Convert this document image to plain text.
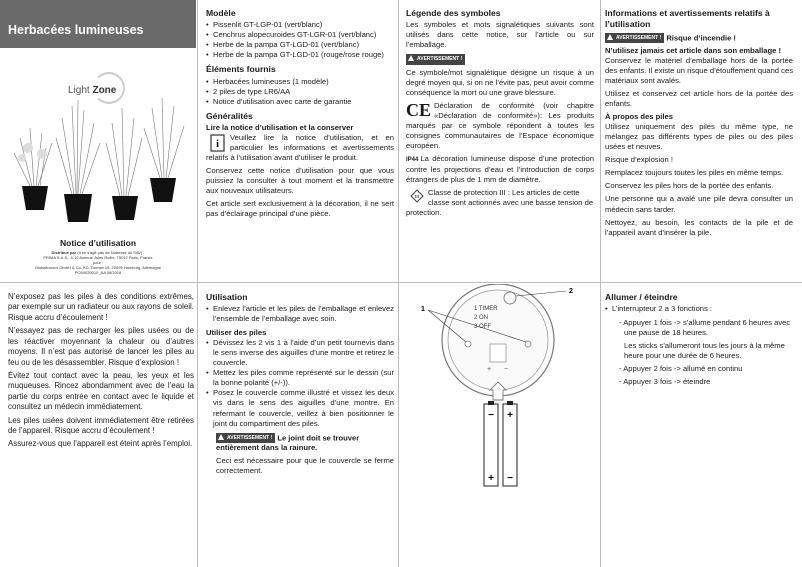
Herbacées lumineuses
Light Zone
Notice d’utilisation
Distribué par (Il en s'agit pas de l'adresse du SAV) :
PRIMA S.A.S., 4-10 Avenue Jules Rollin, 75012 Paris, France
pour :
Globaltronics GmbH & Co. KG, Domstr.19, 20095 Hamburg, Allemagne
PO50029010_AA 08/2018
Modèle
• Pissenlit GT-LGP-01 (vert/blanc)
• Cenchrus alopecuroides GT-LGR-01 (vert/blanc)
• Herbe de la pampa GT-LGD-01 (vert/blanc)
• Herbe de la pampa GT-LGD-01 (rouge/rose rouge)
Éléments fournis
• Herbacées lumineuses (1 modèle)
• 2 piles de type LR6/AA
• Notice d’utilisation avec carte de garantie
Généralités

Lire la notice d’utilisation et la conserver

i
Veuillez lire la notice d’utilisation, et en particulier les informations et avertissements relatifs à l’utilisation avant d’utiliser le produit.

Conservez cette notice d’utilisation pour que vous puissiez la consulter à tout moment et la transmettre aux nouveaux utilisateurs.

Cet article sert exclusivement à la décoration, il ne sert pas d’éclairage principal d’une pièce.

Légende des symboles

Les symboles et mots signalétiques suivants sont utilisés dans cette notice, sur l’article ou sur l’emballage.

AVERTISSEMENT !

Ce symbole/mot signalétique désigne un risque à un degré moyen qui, si on ne l’évite pas, peut avoir comme conséquence la mort ou une grave blessure.

CE Déclaration de conformité (voir chapitre «Déclaration de conformité»): Les produits marqués par ce symbole répondent à toutes les consignes communautaires de l’Espace économique européen.

IP44 La décoration lumineuse dispose d’une protection contre les projections d’eau et l’introduction de corps étrangers de plus de 1 mm de diamètre.

III Classe de protection III : Les articles de cette classe sont actionnés avec une basse tension de protection.

Informations et avertissements relatifs à l’utilisation
AVERTISSEMENT ! Risque d’incendie !

N’utilisez jamais cet article dans son emballage !

Conservez le matériel d’emballage hors de la portée des enfants. Il existe un risque d’étouffement quand ces matériaux sont avalés.

Utilisez et conservez cet article hors de la portée des enfants.

À propos des piles

Utilisez uniquement des piles du même type, ne mélangez pas différents types de piles ou des piles usées et neuves.

Risque d’explosion !

Remplacez toujours toutes les piles en même temps.

Conservez les piles hors de la portée des enfants.

Une personne qui a avalé une pile devra consulter un médecin sans tarder.

Nettoyez, au besoin, les contacts de la pile et de l’appareil avant d’insérer la pile.

N’exposez pas les piles à des conditions extrêmes, par exemple sur un radiateur ou aux rayons de soleil. Risque accru d’écoulement !

N’essayez pas de recharger les piles usées ou de les réactiver moyennant la chaleur ou d’autres moyens. Il n’est pas autorisé de lancer les piles au feu ou de les désassembler. Risque d’explosion !

Évitez tout contact avec la peau, les yeux et les muqueuses. Rincez abondamment avec de l’eau la partie du corps entrée en contact avec le liquide et consultez un médecin immédiatement.

Les piles usées doivent immédiatement être retirées de l’appareil. Risque accru d’écoulement !

Assurez-vous que l’appareil est éteint après l’emploi.

Utilisation
• Enlevez l’article et les piles de l’emballage et enlevez l’ensemble de l’emballage avec soin.

Utiliser des piles

• Dévissez les 2 vis 1 à l’aide d’un petit tournevis dans le sens inverse des aiguilles d’une montre et retirez le couvercle.
• Mettez les piles comme représenté sur le dessin (sur la bonne polarité (+/-)).
• Posez le couvercle comme illustré et vissez les deux vis dans le sens des aiguilles d’une montre. En refermant le couvercle, veillez à bien positionner le joint du compartiment des piles.
AVERTISSEMENT ! Le joint doit se trouver entièrement dans la rainure.

Ceci est nécessaire pour que le couvercle se ferme correctement.

1 TIMER
2 ON
3 OFF
+ −
1
2
−
+
+
−
Allumer / éteindre
• L’interrupteur 2 a 3 fonctions :

- Appuyer 1 fois -> s’allume pendant 6 heures avec une pause de 18 heures.

Les sticks s’allumeront tous les jours à la même heure pour une durée de 6 heures.

- Appuyer 2 fois -> allumé en continu

- Appuyer 3 fois -> éteindre
